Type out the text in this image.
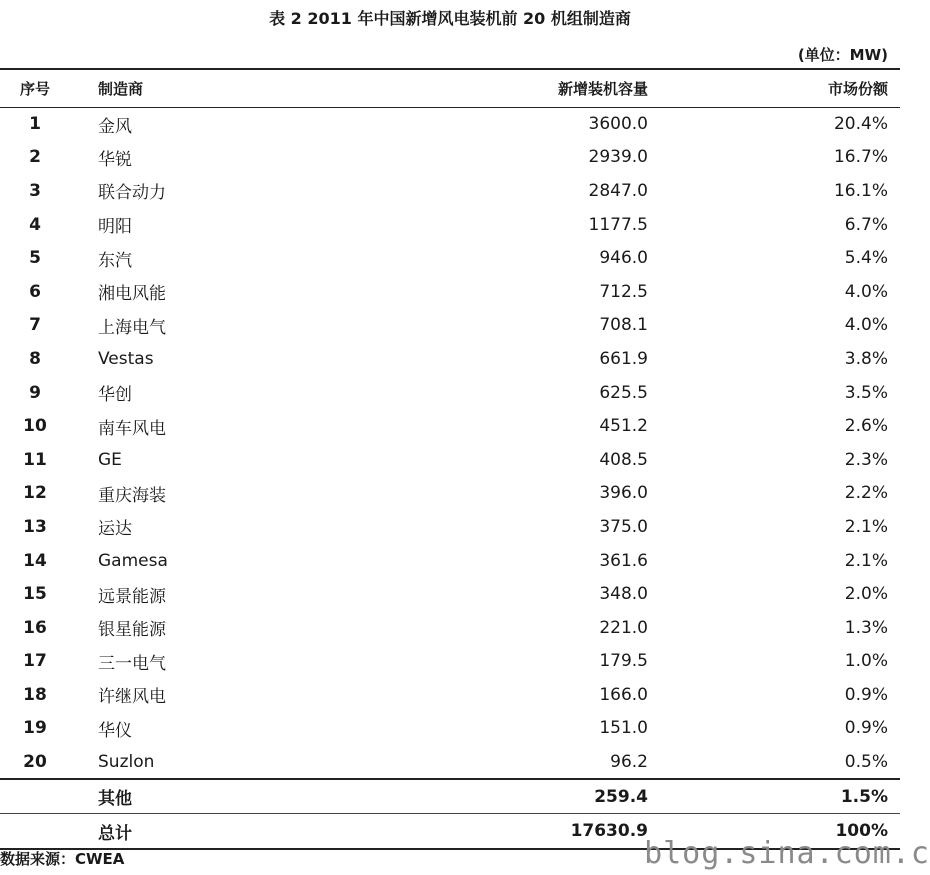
表 2 2011 年中国新增风电装机前 20 机组制造商
(单位：MW)
序号	制造商	新增装机容量	市场份额
1	金风	3600.0	20.4%
2	华锐	2939.0	16.7%
3	联合动力	2847.0	16.1%
4	明阳	1177.5	6.7%
5	东汽	946.0	5.4%
6	湘电风能	712.5	4.0%
7	上海电气	708.1	4.0%
8	Vestas	661.9	3.8%
9	华创	625.5	3.5%
10	南车风电	451.2	2.6%
11	GE	408.5	2.3%
12	重庆海装	396.0	2.2%
13	运达	375.0	2.1%
14	Gamesa	361.6	2.1%
15	远景能源	348.0	2.0%
16	银星能源	221.0	1.3%
17	三一电气	179.5	1.0%
18	许继风电	166.0	0.9%
19	华仪	151.0	0.9%
20	Suzlon	96.2	0.5%
	其他	259.4	1.5%
	总计	17630.9	100%
数据来源：CWEA	blog.sina.com.c
